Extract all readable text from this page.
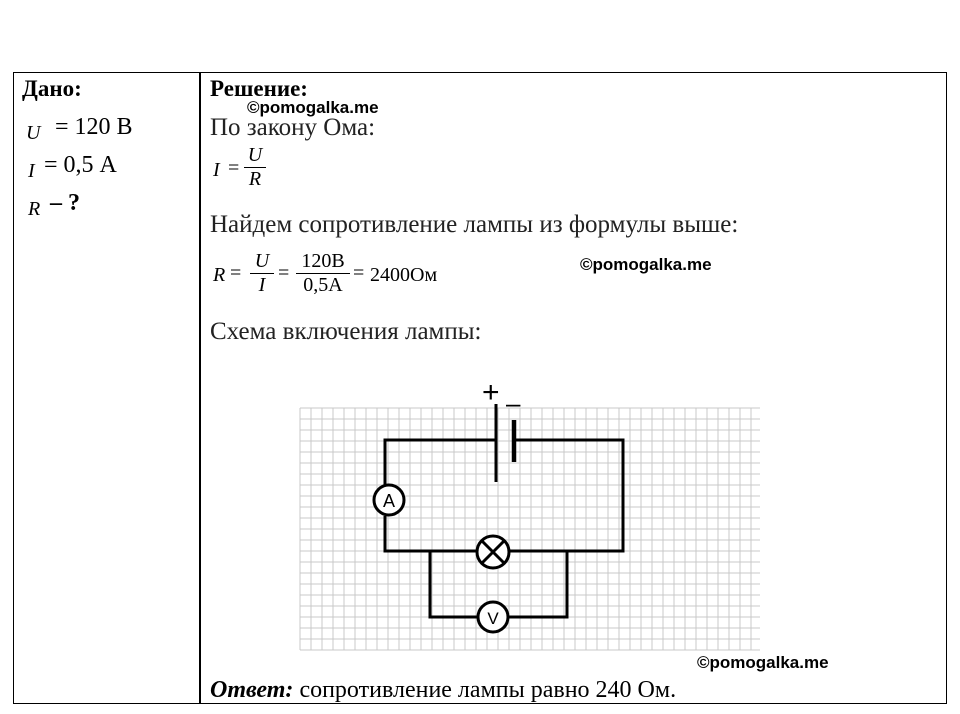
Дано:
U = 120 В
I = 0,5 А
R – ?
Решение:
©pomogalka.me
По закону Ома:
$I = \frac{U}{R}$
Найдем сопротивление лампы из формулы выше:
$R = \frac{U}{I}$ =
120В
0,5А
= 2400Ом	©pomogalka.me
Схема включения лампы:
+ –
A
V
©pomogalka.me
Ответ: сопротивление лампы равно 240 Ом.
